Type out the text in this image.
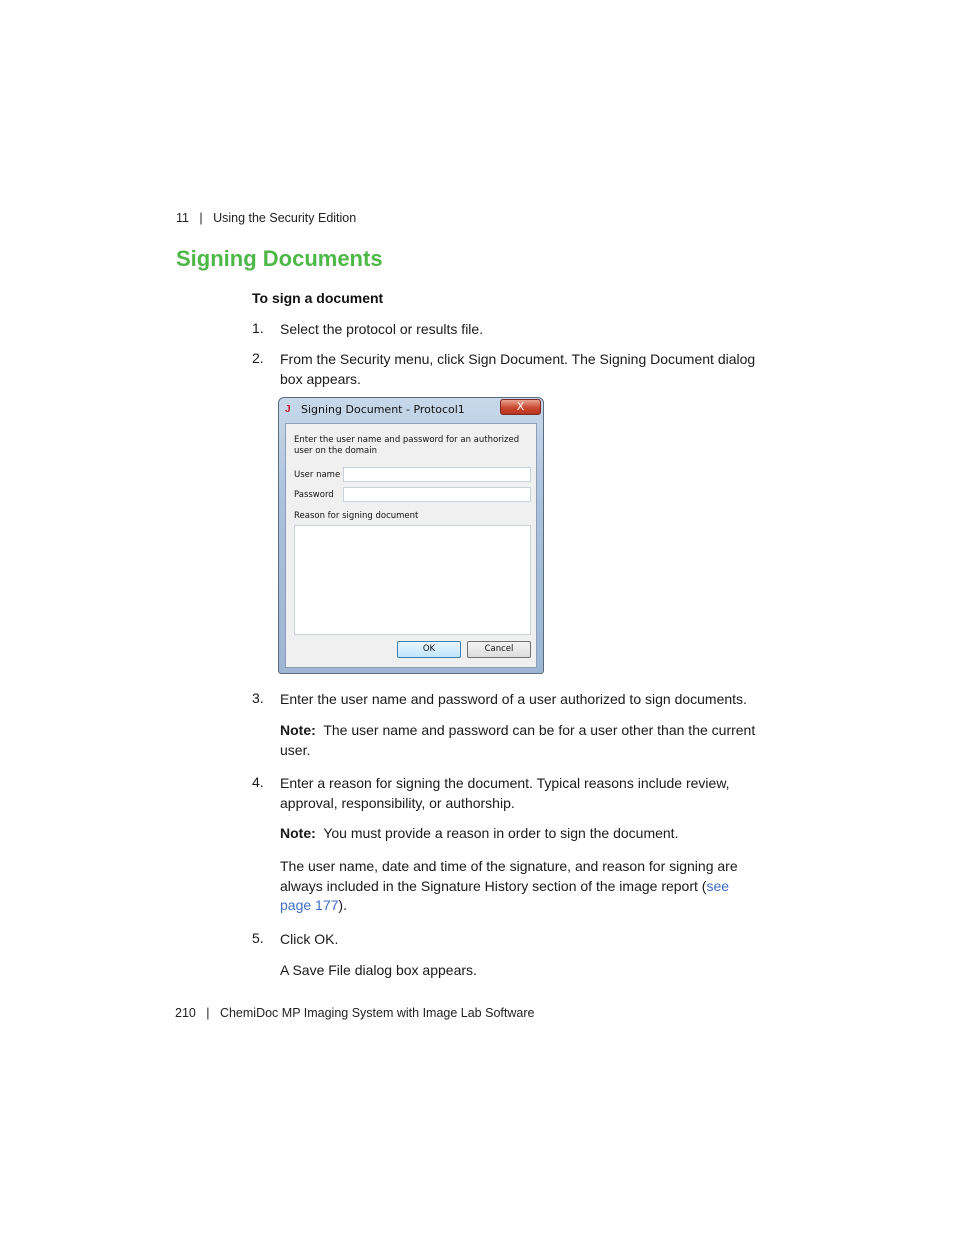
11 | Using the Security Edition
Signing Documents
To sign a document
1. Select the protocol or results file.
2. From the Security menu, click Sign Document. The Signing Document dialog box appears.
J Signing Document - Protocol1	X
Enter the user name and password for an authorized user on the domain
User name
Password
Reason for signing document
OK	Cancel
3. Enter the user name and password of a user authorized to sign documents.
Note: The user name and password can be for a user other than the current user.
4. Enter a reason for signing the document. Typical reasons include review, approval, responsibility, or authorship.
Note: You must provide a reason in order to sign the document.
The user name, date and time of the signature, and reason for signing are always included in the Signature History section of the image report (see page 177).
5. Click OK.
A Save File dialog box appears.
210 | ChemiDoc MP Imaging System with Image Lab Software
